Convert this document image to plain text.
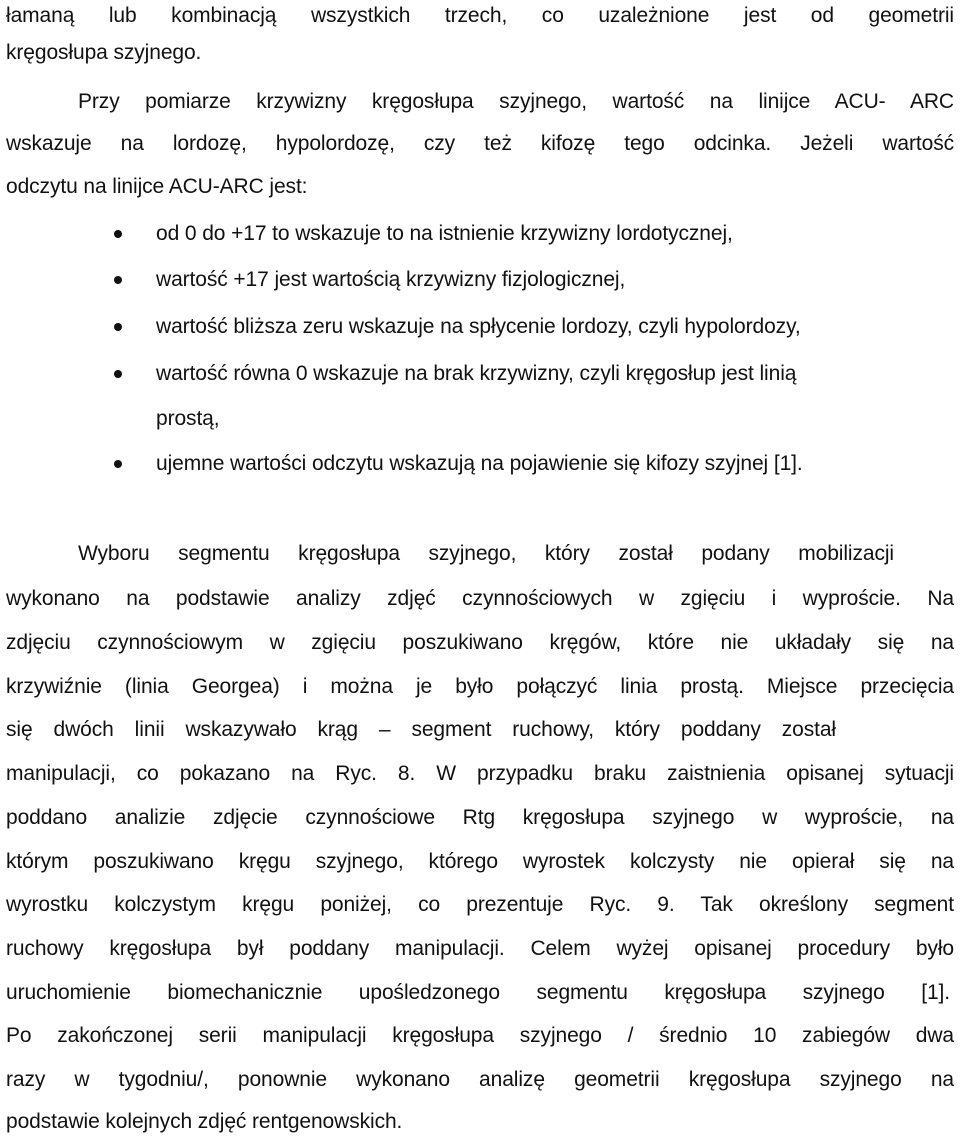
łamaną lub kombinacją wszystkich trzech, co uzależnione jest od geometrii
kręgosłupa szyjnego.
Przy pomiarze krzywizny kręgosłupa szyjnego, wartość na linijce ACU- ARC
wskazuje na lordozę, hypolordozę, czy też kifozę tego odcinka. Jeżeli wartość
odczytu na linijce ACU-ARC jest:
od 0 do +17 to wskazuje to na istnienie krzywizny lordotycznej,
wartość +17 jest wartością krzywizny fizjologicznej,
wartość bliższa zeru wskazuje na spłycenie lordozy, czyli hypolordozy,
wartość równa 0 wskazuje na brak krzywizny, czyli kręgosłup jest linią
prostą,
ujemne wartości odczytu wskazują na pojawienie się kifozy szyjnej [1].
Wyboru segmentu kręgosłupa szyjnego, który został podany mobilizacji
wykonano na podstawie analizy zdjęć czynnościowych w zgięciu i wyproście. Na
zdjęciu czynnościowym w zgięciu poszukiwano kręgów, które nie układały się na
krzywiźnie (linia Georgea) i można je było połączyć linia prostą. Miejsce przecięcia
się dwóch linii wskazywało krąg – segment ruchowy, który poddany został
manipulacji, co pokazano na Ryc. 8. W przypadku braku zaistnienia opisanej sytuacji
poddano analizie zdjęcie czynnościowe Rtg kręgosłupa szyjnego w wyproście, na
którym poszukiwano kręgu szyjnego, którego wyrostek kolczysty nie opierał się na
wyrostku kolczystym kręgu poniżej, co prezentuje Ryc. 9. Tak określony segment
ruchowy kręgosłupa był poddany manipulacji. Celem wyżej opisanej procedury było
uruchomienie biomechanicznie upośledzonego segmentu kręgosłupa szyjnego [1].
Po zakończonej serii manipulacji kręgosłupa szyjnego / średnio 10 zabiegów dwa
razy w tygodniu/, ponownie wykonano analizę geometrii kręgosłupa szyjnego na
podstawie kolejnych zdjęć rentgenowskich.
